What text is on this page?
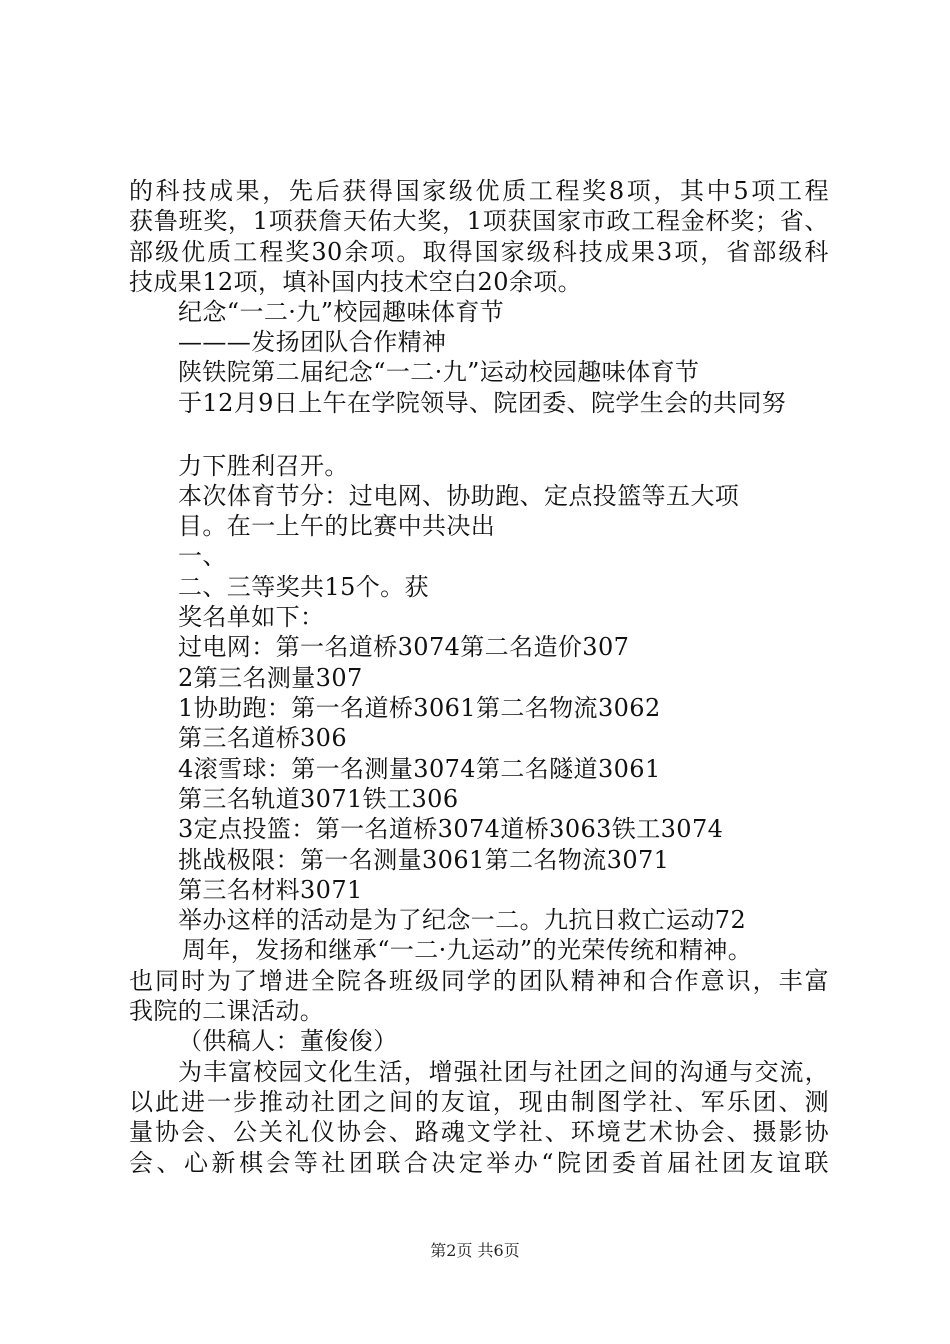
的 科 技 成 果 ， 先 后 获 得 国 家 级 优 质 工 程 奖 8 项 ， 其 中 5 项 工 程
获 鲁 班 奖 ， 1 项 获 詹 天 佑 大 奖 ， 1 项 获 国 家 市 政 工 程 金 杯 奖 ； 省 、
部 级 优 质 工 程 奖 30 余 项 。 取 得 国 家 级 科 技 成 果 3 项 ， 省 部 级 科
技成果12项，填补国内技术空白20余项。
纪念“一二·九”校园趣味体育节
———发扬团队合作精神
陕铁院第二届纪念“一二·九”运动校园趣味体育节
于12月9日上午在学院领导、院团委、院学生会的共同努
力下胜利召开。
本次体育节分：过电网、协助跑、定点投篮等五大项
目。在一上午的比赛中共决出
一、
二、三等奖共15个。获
奖名单如下：
过电网：第一名道桥3074第二名造价307
2第三名测量307
1协助跑：第一名道桥3061第二名物流3062
第三名道桥306
4滚雪球：第一名测量3074第二名隧道3061
第三名轨道3071铁工306
3定点投篮：第一名道桥3074道桥3063铁工3074
挑战极限：第一名测量3061第二名物流3071
第三名材料3071
举办这样的活动是为了纪念一二。九抗日救亡运动72
周年，发扬和继承“一二·九运动”的光荣传统和精神。
也 同 时 为 了 增 进 全 院 各 班 级 同 学 的 团 队 精 神 和 合 作 意 识 ， 丰 富
我院的二课活动。
（供稿人：董俊俊）
为 丰 富 校 园 文 化 生 活 ， 增 强 社 团 与 社 团 之 间 的 沟 通 与 交 流 ，
以 此 进 一 步 推 动 社 团 之 间 的 友 谊 ， 现 由 制 图 学 社 、 军 乐 团 、 测
量 协 会 、 公 关 礼 仪 协 会 、 路 魂 文 学 社 、 环 境 艺 术 协 会 、 摄 影 协
会 、 心 新 棋 会 等 社 团 联 合 决 定 举 办 “ 院 团 委 首 届 社 团 友 谊 联
第2页 共6页
